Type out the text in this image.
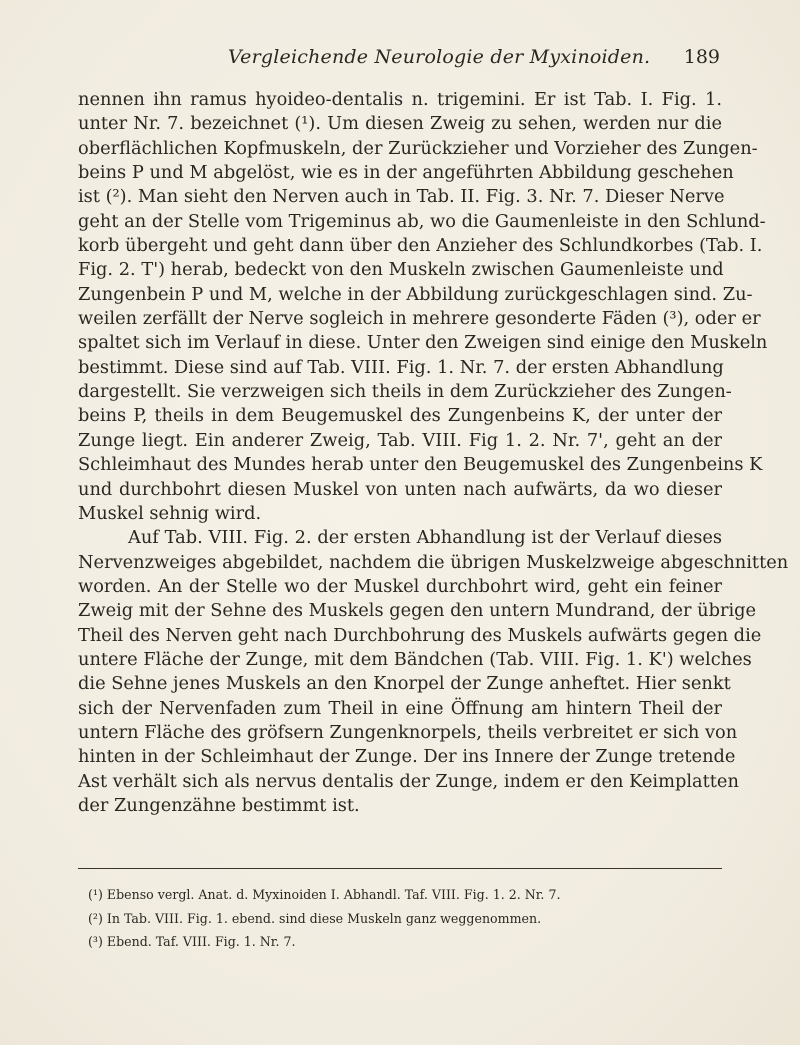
Vergleichende Neurologie der Myxinoiden. 189
nennen ihn ramus hyoideo-dentalis n. trigemini. Er ist Tab. I. Fig. 1.
unter Nr. 7. bezeichnet (¹). Um diesen Zweig zu sehen, werden nur die
oberflächlichen Kopfmuskeln, der Zurückzieher und Vorzieher des Zungen-
beins P und M abgelöst, wie es in der angeführten Abbildung geschehen
ist (²). Man sieht den Nerven auch in Tab. II. Fig. 3. Nr. 7. Dieser Nerve
geht an der Stelle vom Trigeminus ab, wo die Gaumenleiste in den Schlund-
korb übergeht und geht dann über den Anzieher des Schlundkorbes (Tab. I.
Fig. 2. T') herab, bedeckt von den Muskeln zwischen Gaumenleiste und
Zungenbein P und M, welche in der Abbildung zurückgeschlagen sind. Zu-
weilen zerfällt der Nerve sogleich in mehrere gesonderte Fäden (³), oder er
spaltet sich im Verlauf in diese. Unter den Zweigen sind einige den Muskeln
bestimmt. Diese sind auf Tab. VIII. Fig. 1. Nr. 7. der ersten Abhandlung
dargestellt. Sie verzweigen sich theils in dem Zurückzieher des Zungen-
beins P, theils in dem Beugemuskel des Zungenbeins K, der unter der
Zunge liegt. Ein anderer Zweig, Tab. VIII. Fig 1. 2. Nr. 7', geht an der
Schleimhaut des Mundes herab unter den Beugemuskel des Zungenbeins K
und durchbohrt diesen Muskel von unten nach aufwärts, da wo dieser
Muskel sehnig wird.
Auf Tab. VIII. Fig. 2. der ersten Abhandlung ist der Verlauf dieses
Nervenzweiges abgebildet, nachdem die übrigen Muskelzweige abgeschnitten
worden. An der Stelle wo der Muskel durchbohrt wird, geht ein feiner
Zweig mit der Sehne des Muskels gegen den untern Mundrand, der übrige
Theil des Nerven geht nach Durchbohrung des Muskels aufwärts gegen die
untere Fläche der Zunge, mit dem Bändchen (Tab. VIII. Fig. 1. K') welches
die Sehne jenes Muskels an den Knorpel der Zunge anheftet. Hier senkt
sich der Nervenfaden zum Theil in eine Öffnung am hintern Theil der
untern Fläche des gröfsern Zungenknorpels, theils verbreitet er sich von
hinten in der Schleimhaut der Zunge. Der ins Innere der Zunge tretende
Ast verhält sich als nervus dentalis der Zunge, indem er den Keimplatten
der Zungenzähne bestimmt ist.
(¹) Ebenso vergl. Anat. d. Myxinoiden I. Abhandl. Taf. VIII. Fig. 1. 2. Nr. 7.
(²) In Tab. VIII. Fig. 1. ebend. sind diese Muskeln ganz weggenommen.
(³) Ebend. Taf. VIII. Fig. 1. Nr. 7.
